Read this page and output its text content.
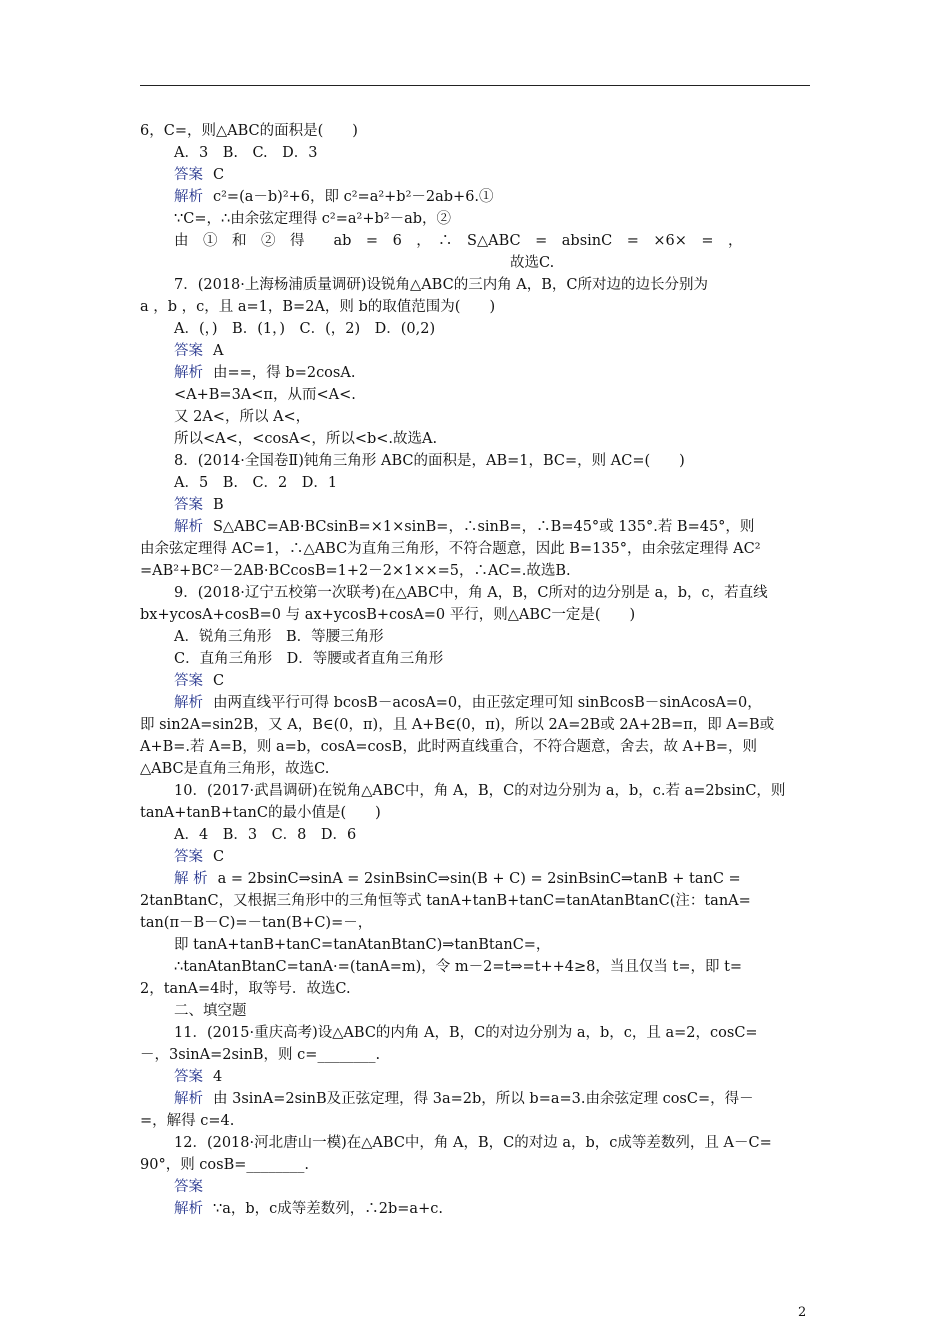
6，C=，则△ABC的面积是(　　)
A．3　B.　C.　D．3
答案 C
解析 c²=(a－b)²+6，即 c²=a²+b²－2ab+6.①
∵C=，∴由余弦定理得 c²=a²+b²－ab，②
由　①　和　②　得　　ab　=　6　，　∴　S△ABC　=　absinC　=　×6×　=　，
故选C.
7．(2018·上海杨浦质量调研)设锐角△ABC的三内角 A，B，C所对边的边长分别为
a ，b ，c，且 a=1，B=2A，则 b的取值范围为(　　)
A．(，)　B．(1，)　C．(，2)　D．(0,2)
答案 A
解析 由==，得 b=2cosA.
<A+B=3A<π，从而<A<.
又 2A<，所以 A<，
所以<A<，<cosA<，所以<b<.故选A.
8．(2014·全国卷Ⅱ)钝角三角形 ABC的面积是，AB=1，BC=，则 AC=(　　)
A．5　B.　C．2　D．1
答案 B
解析 S△ABC=AB·BCsinB=×1×sinB=，∴sinB=，∴B=45°或 135°.若 B=45°，则
由余弦定理得 AC=1，∴△ABC为直角三角形，不符合题意，因此 B=135°，由余弦定理得 AC²
=AB²+BC²－2AB·BCcosB=1+2－2×1××=5，∴AC=.故选B.
9．(2018·辽宁五校第一次联考)在△ABC中，角 A，B，C所对的边分别是 a，b，c，若直线
bx+ycosA+cosB=0 与 ax+ycosB+cosA=0 平行，则△ABC一定是(　　)
A．锐角三角形　B．等腰三角形
C．直角三角形　D．等腰或者直角三角形
答案 C
解析 由两直线平行可得 bcosB－acosA=0，由正弦定理可知 sinBcosB－sinAcosA=0，
即 sin2A=sin2B，又 A，B∈(0，π)，且 A+B∈(0，π)，所以 2A=2B或 2A+2B=π，即 A=B或
A+B=.若 A=B，则 a=b，cosA=cosB，此时两直线重合，不符合题意，舍去，故 A+B=，则
△ABC是直角三角形，故选C.
10．(2017·武昌调研)在锐角△ABC中，角 A，B，C的对边分别为 a，b，c.若 a=2bsinC，则
tanA+tanB+tanC的最小值是(　　)
A．4　B．3　C．8　D．6
答案 C
解 析 a = 2bsinC⇒sinA = 2sinBsinC⇒sin(B + C) = 2sinBsinC⇒tanB + tanC =
2tanBtanC，又根据三角形中的三角恒等式 tanA+tanB+tanC=tanAtanBtanC(注：tanA=
tan(π－B－C)=－tan(B+C)=－，
即 tanA+tanB+tanC=tanAtanBtanC)⇒tanBtanC=，
∴tanAtanBtanC=tanA·=(tanA=m)，令 m－2=t⇒=t++4≥8，当且仅当 t=，即 t=
2，tanA=4时，取等号．故选C.
二、填空题
11．(2015·重庆高考)设△ABC的内角 A，B，C的对边分别为 a，b，c，且 a=2，cosC=
－，3sinA=2sinB，则 c=________.
答案 4
解析 由 3sinA=2sinB及正弦定理，得 3a=2b，所以 b=a=3.由余弦定理 cosC=，得－
=，解得 c=4.
12．(2018·河北唐山一模)在△ABC中，角 A，B，C的对边 a，b，c成等差数列，且 A－C=
90°，则 cosB=________.
答案
解析 ∵a，b，c成等差数列，∴2b=a+c.
2
